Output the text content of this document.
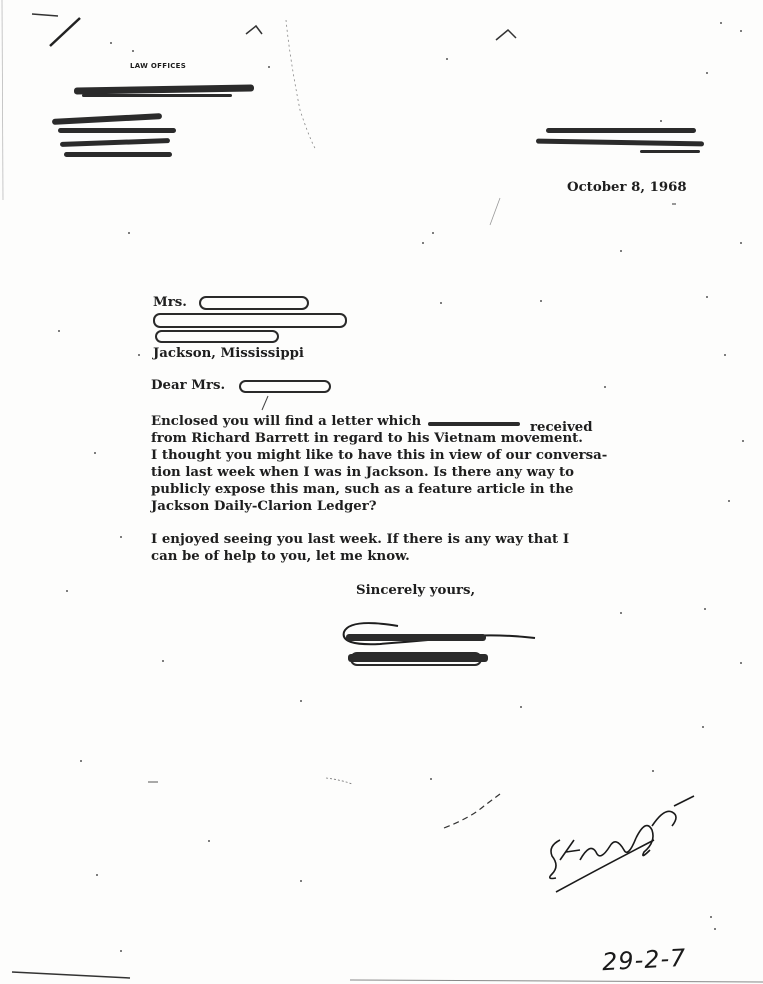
LAW OFFICES
October 8, 1968
Mrs.
Jackson, Mississippi
Dear Mrs.
Enclosed you will find a letter which	received
from Richard Barrett in regard to his Vietnam movement.
I thought you might like to have this in view of our conversa-
tion last week when I was in Jackson. Is there any way to
publicly expose this man, such as a feature article in the
Jackson Daily-Clarion Ledger?
I enjoyed seeing you last week. If there is any way that I
can be of help to you, let me know.
Sincerely yours,
29-2-7
